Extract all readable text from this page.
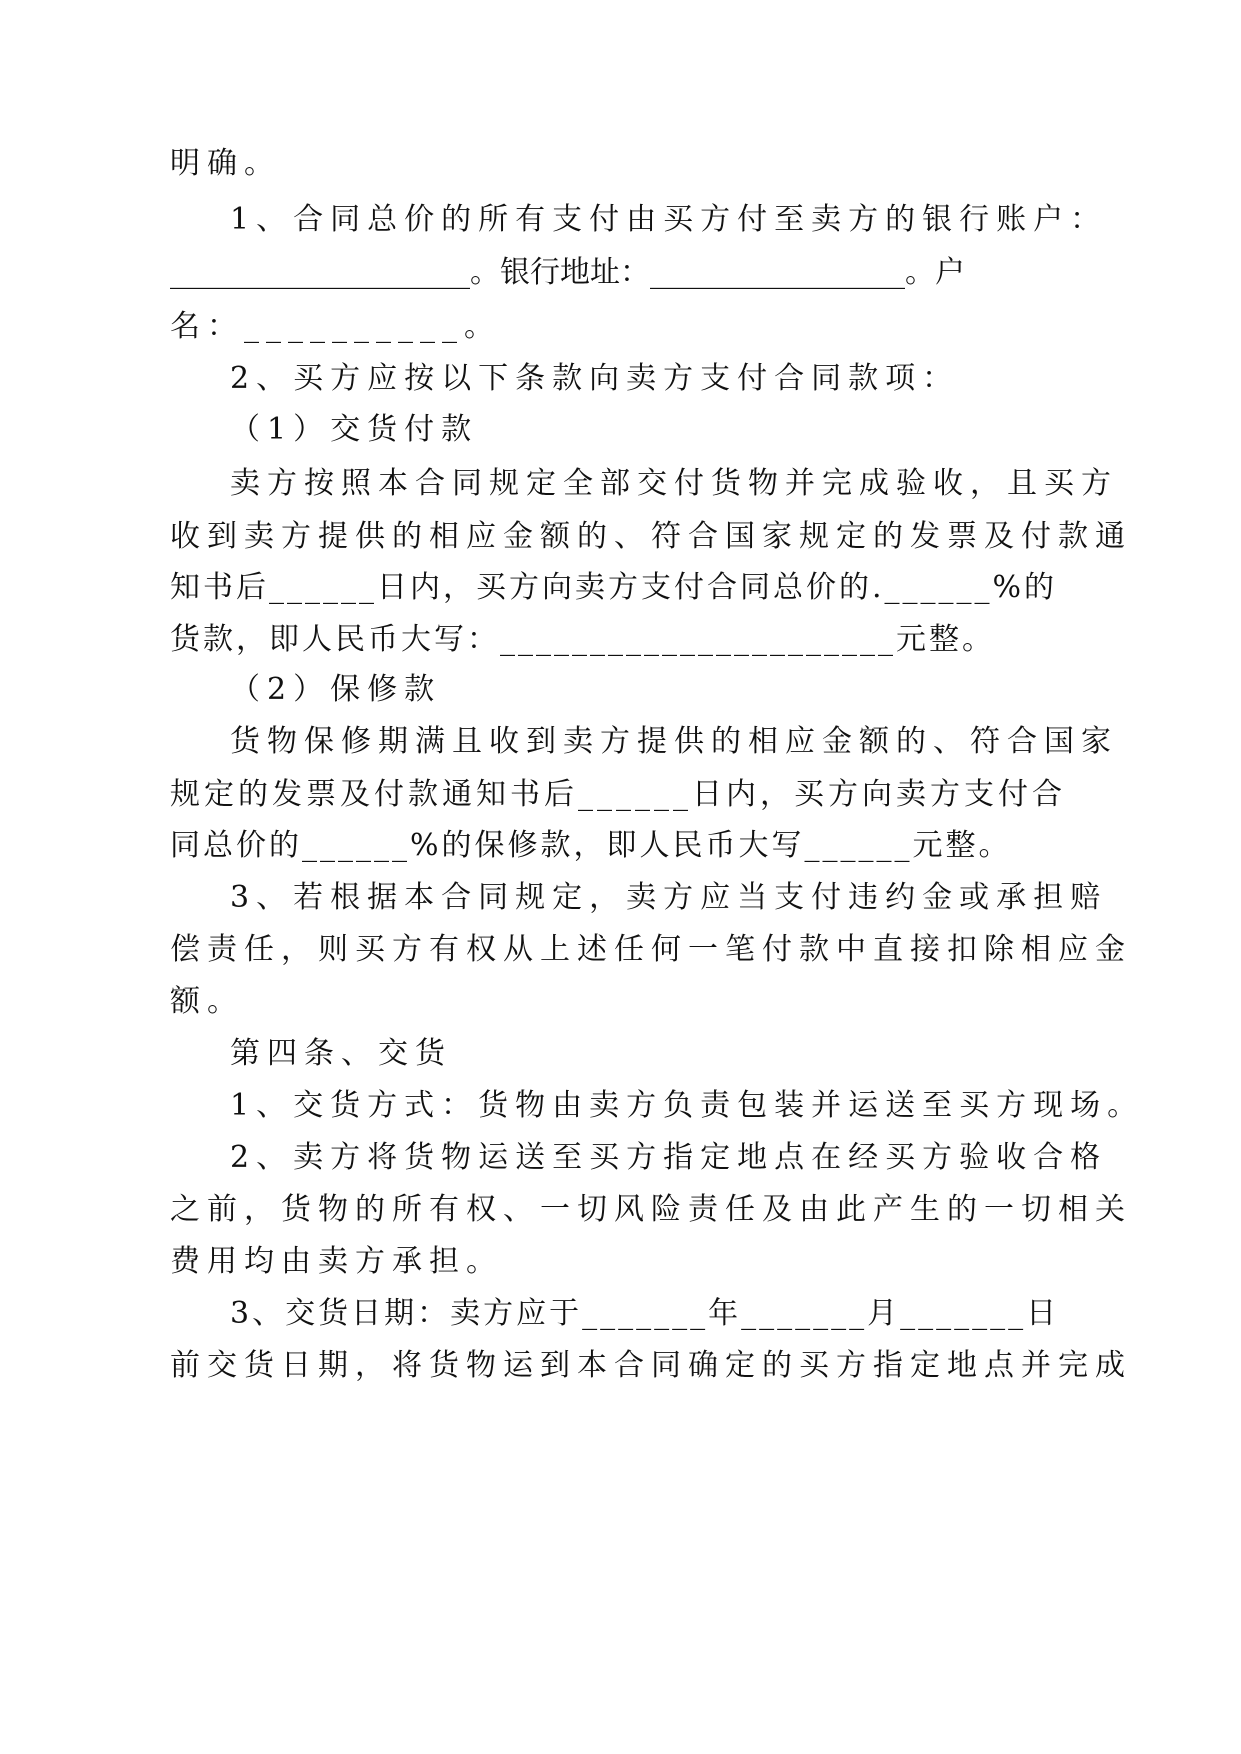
明确。
1、合同总价的所有支付由买方付至卖方的银行账户：
____________________。银行地址：_________________。户
名：__________。
2、买方应按以下条款向卖方支付合同款项：
（1）交货付款
卖方按照本合同规定全部交付货物并完成验收，且买方
收到卖方提供的相应金额的、符合国家规定的发票及付款通
知书后______日内，买方向卖方支付合同总价的.______%的
货款，即人民币大写：______________________元整。
（2）保修款
货物保修期满且收到卖方提供的相应金额的、符合国家
规定的发票及付款通知书后______日内，买方向卖方支付合
同总价的______%的保修款，即人民币大写______元整。
3、若根据本合同规定，卖方应当支付违约金或承担赔
偿责任，则买方有权从上述任何一笔付款中直接扣除相应金
额。
第四条、交货
1、交货方式：货物由卖方负责包装并运送至买方现场。
2、卖方将货物运送至买方指定地点在经买方验收合格
之前，货物的所有权、一切风险责任及由此产生的一切相关
费用均由卖方承担。
3、交货日期：卖方应于_______年_______月_______日
前交货日期，将货物运到本合同确定的买方指定地点并完成
